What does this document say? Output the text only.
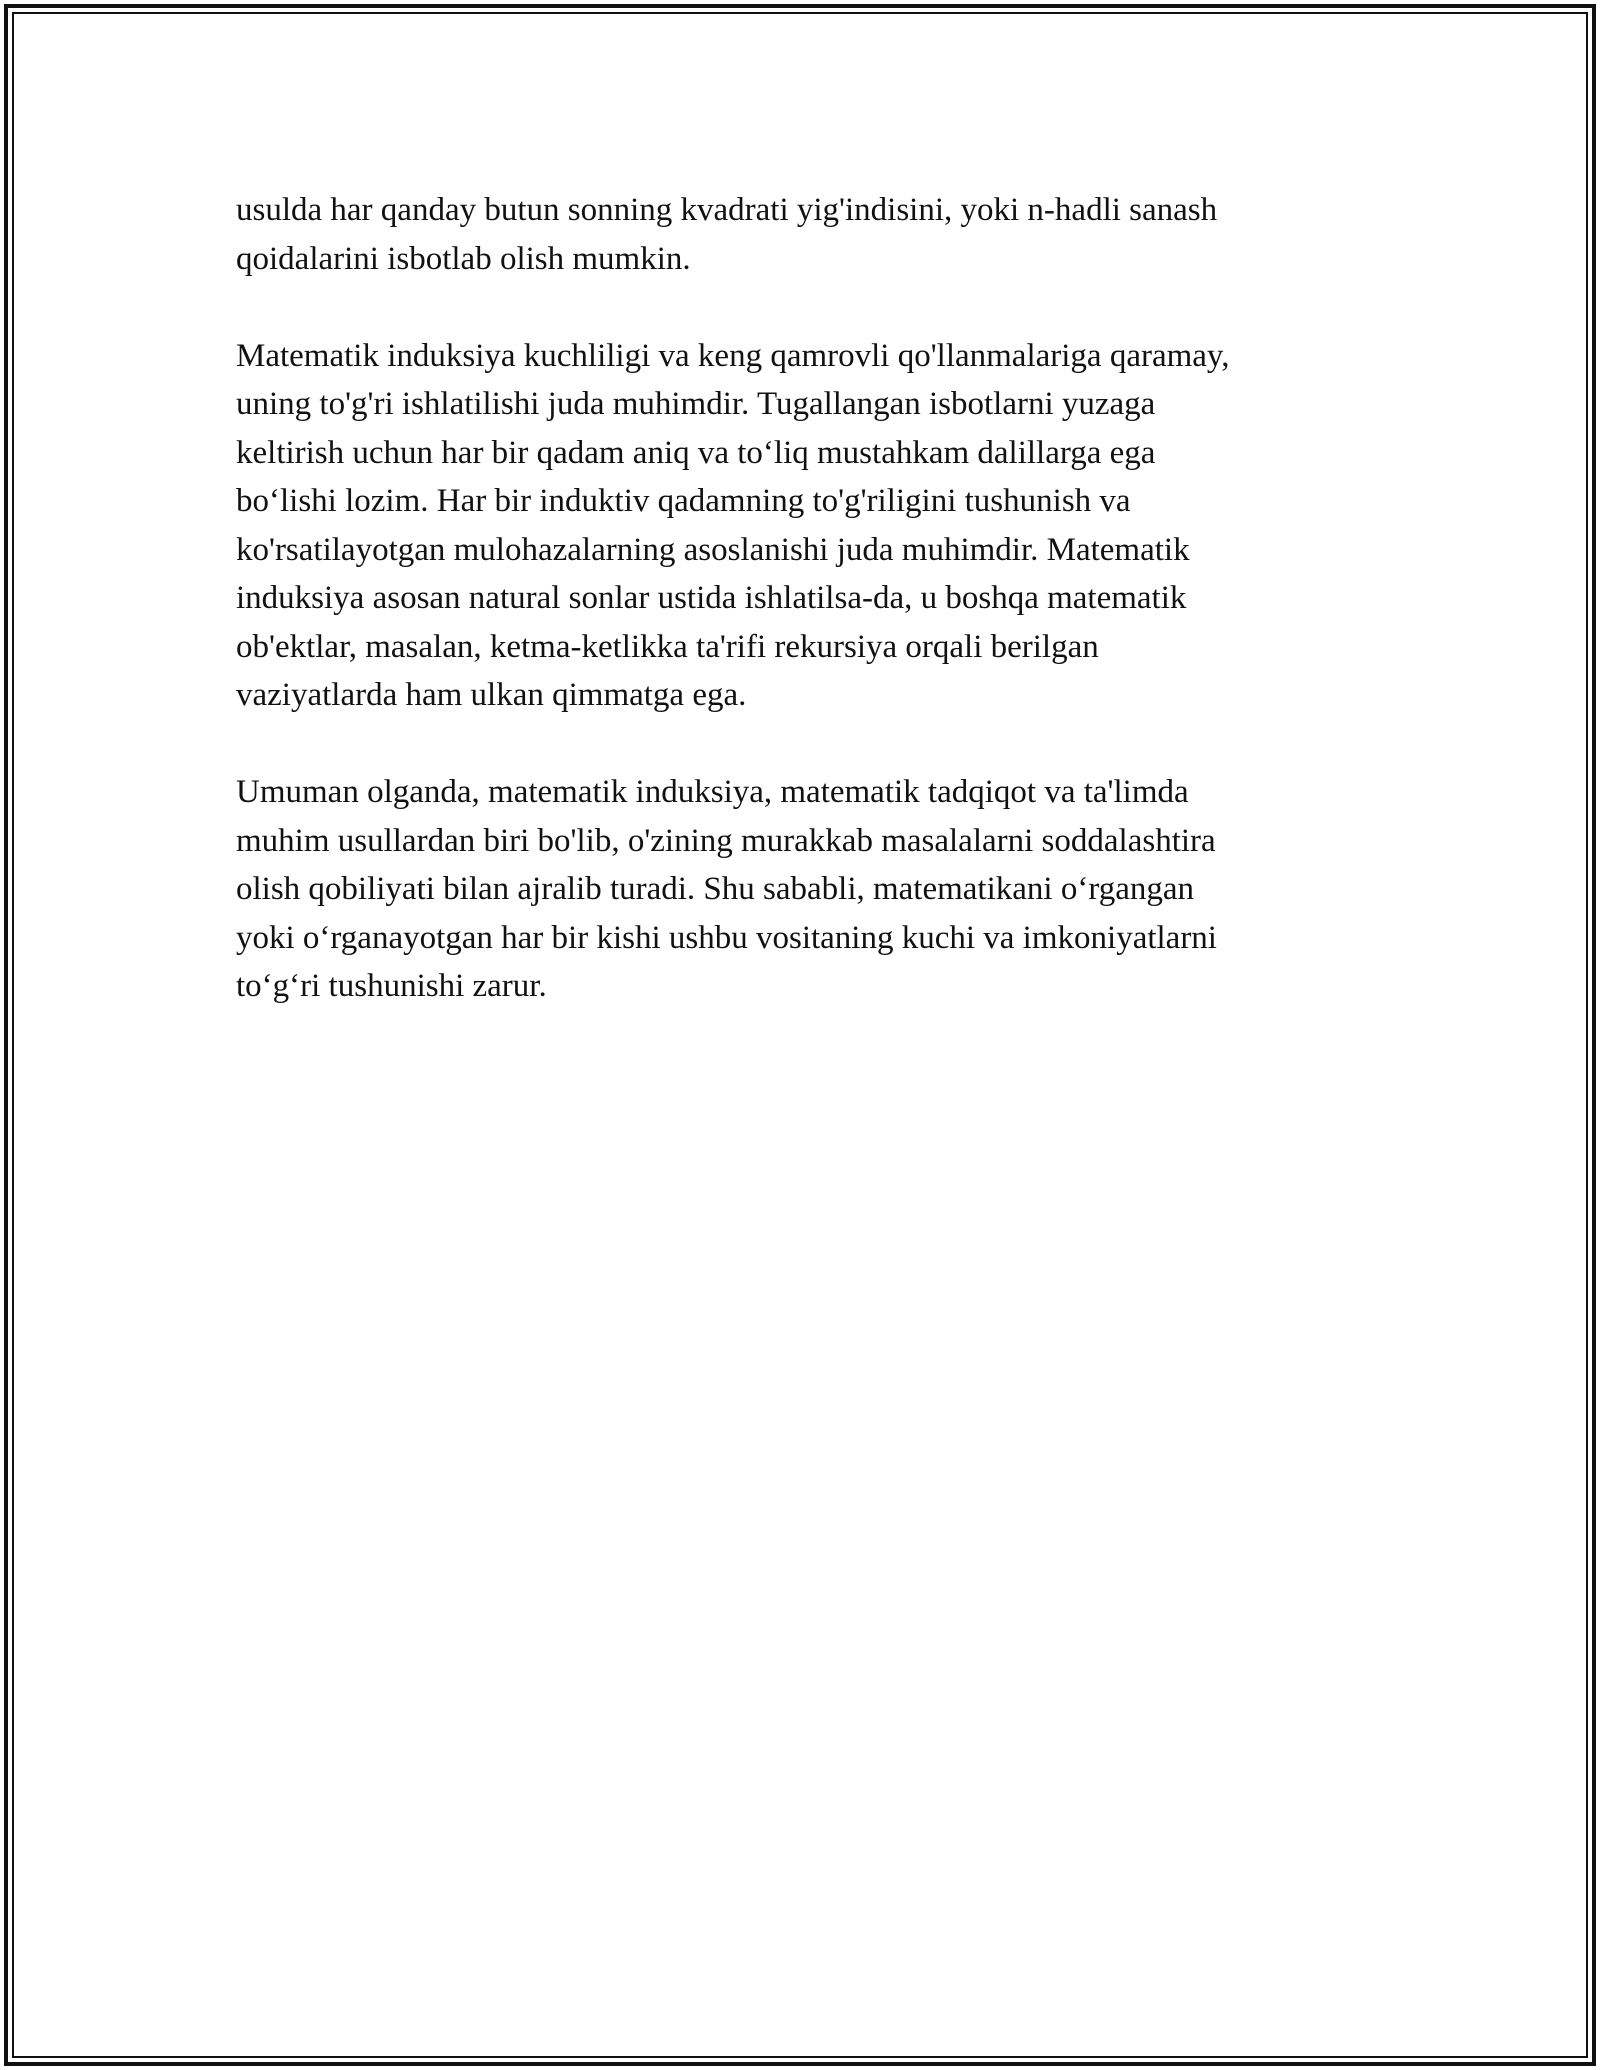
usulda har qanday butun sonning kvadrati yig'indisini, yoki n-hadli sanash
qoidalarini isbotlab olish mumkin.

Matematik induksiya kuchliligi va keng qamrovli qo'llanmalariga qaramay,
uning to'g'ri ishlatilishi juda muhimdir. Tugallangan isbotlarni yuzaga
keltirish uchun har bir qadam aniq va to‘liq mustahkam dalillarga ega
bo‘lishi lozim. Har bir induktiv qadamning to'g'riligini tushunish va
ko'rsatilayotgan mulohazalarning asoslanishi juda muhimdir. Matematik
induksiya asosan natural sonlar ustida ishlatilsa-da, u boshqa matematik
ob'ektlar, masalan, ketma-ketlikka ta'rifi rekursiya orqali berilgan
vaziyatlarda ham ulkan qimmatga ega.

Umuman olganda, matematik induksiya, matematik tadqiqot va ta'limda
muhim usullardan biri bo'lib, o'zining murakkab masalalarni soddalashtira
olish qobiliyati bilan ajralib turadi. Shu sababli, matematikani o‘rgangan
yoki o‘rganayotgan har bir kishi ushbu vositaning kuchi va imkoniyatlarni
to‘g‘ri tushunishi zarur.
